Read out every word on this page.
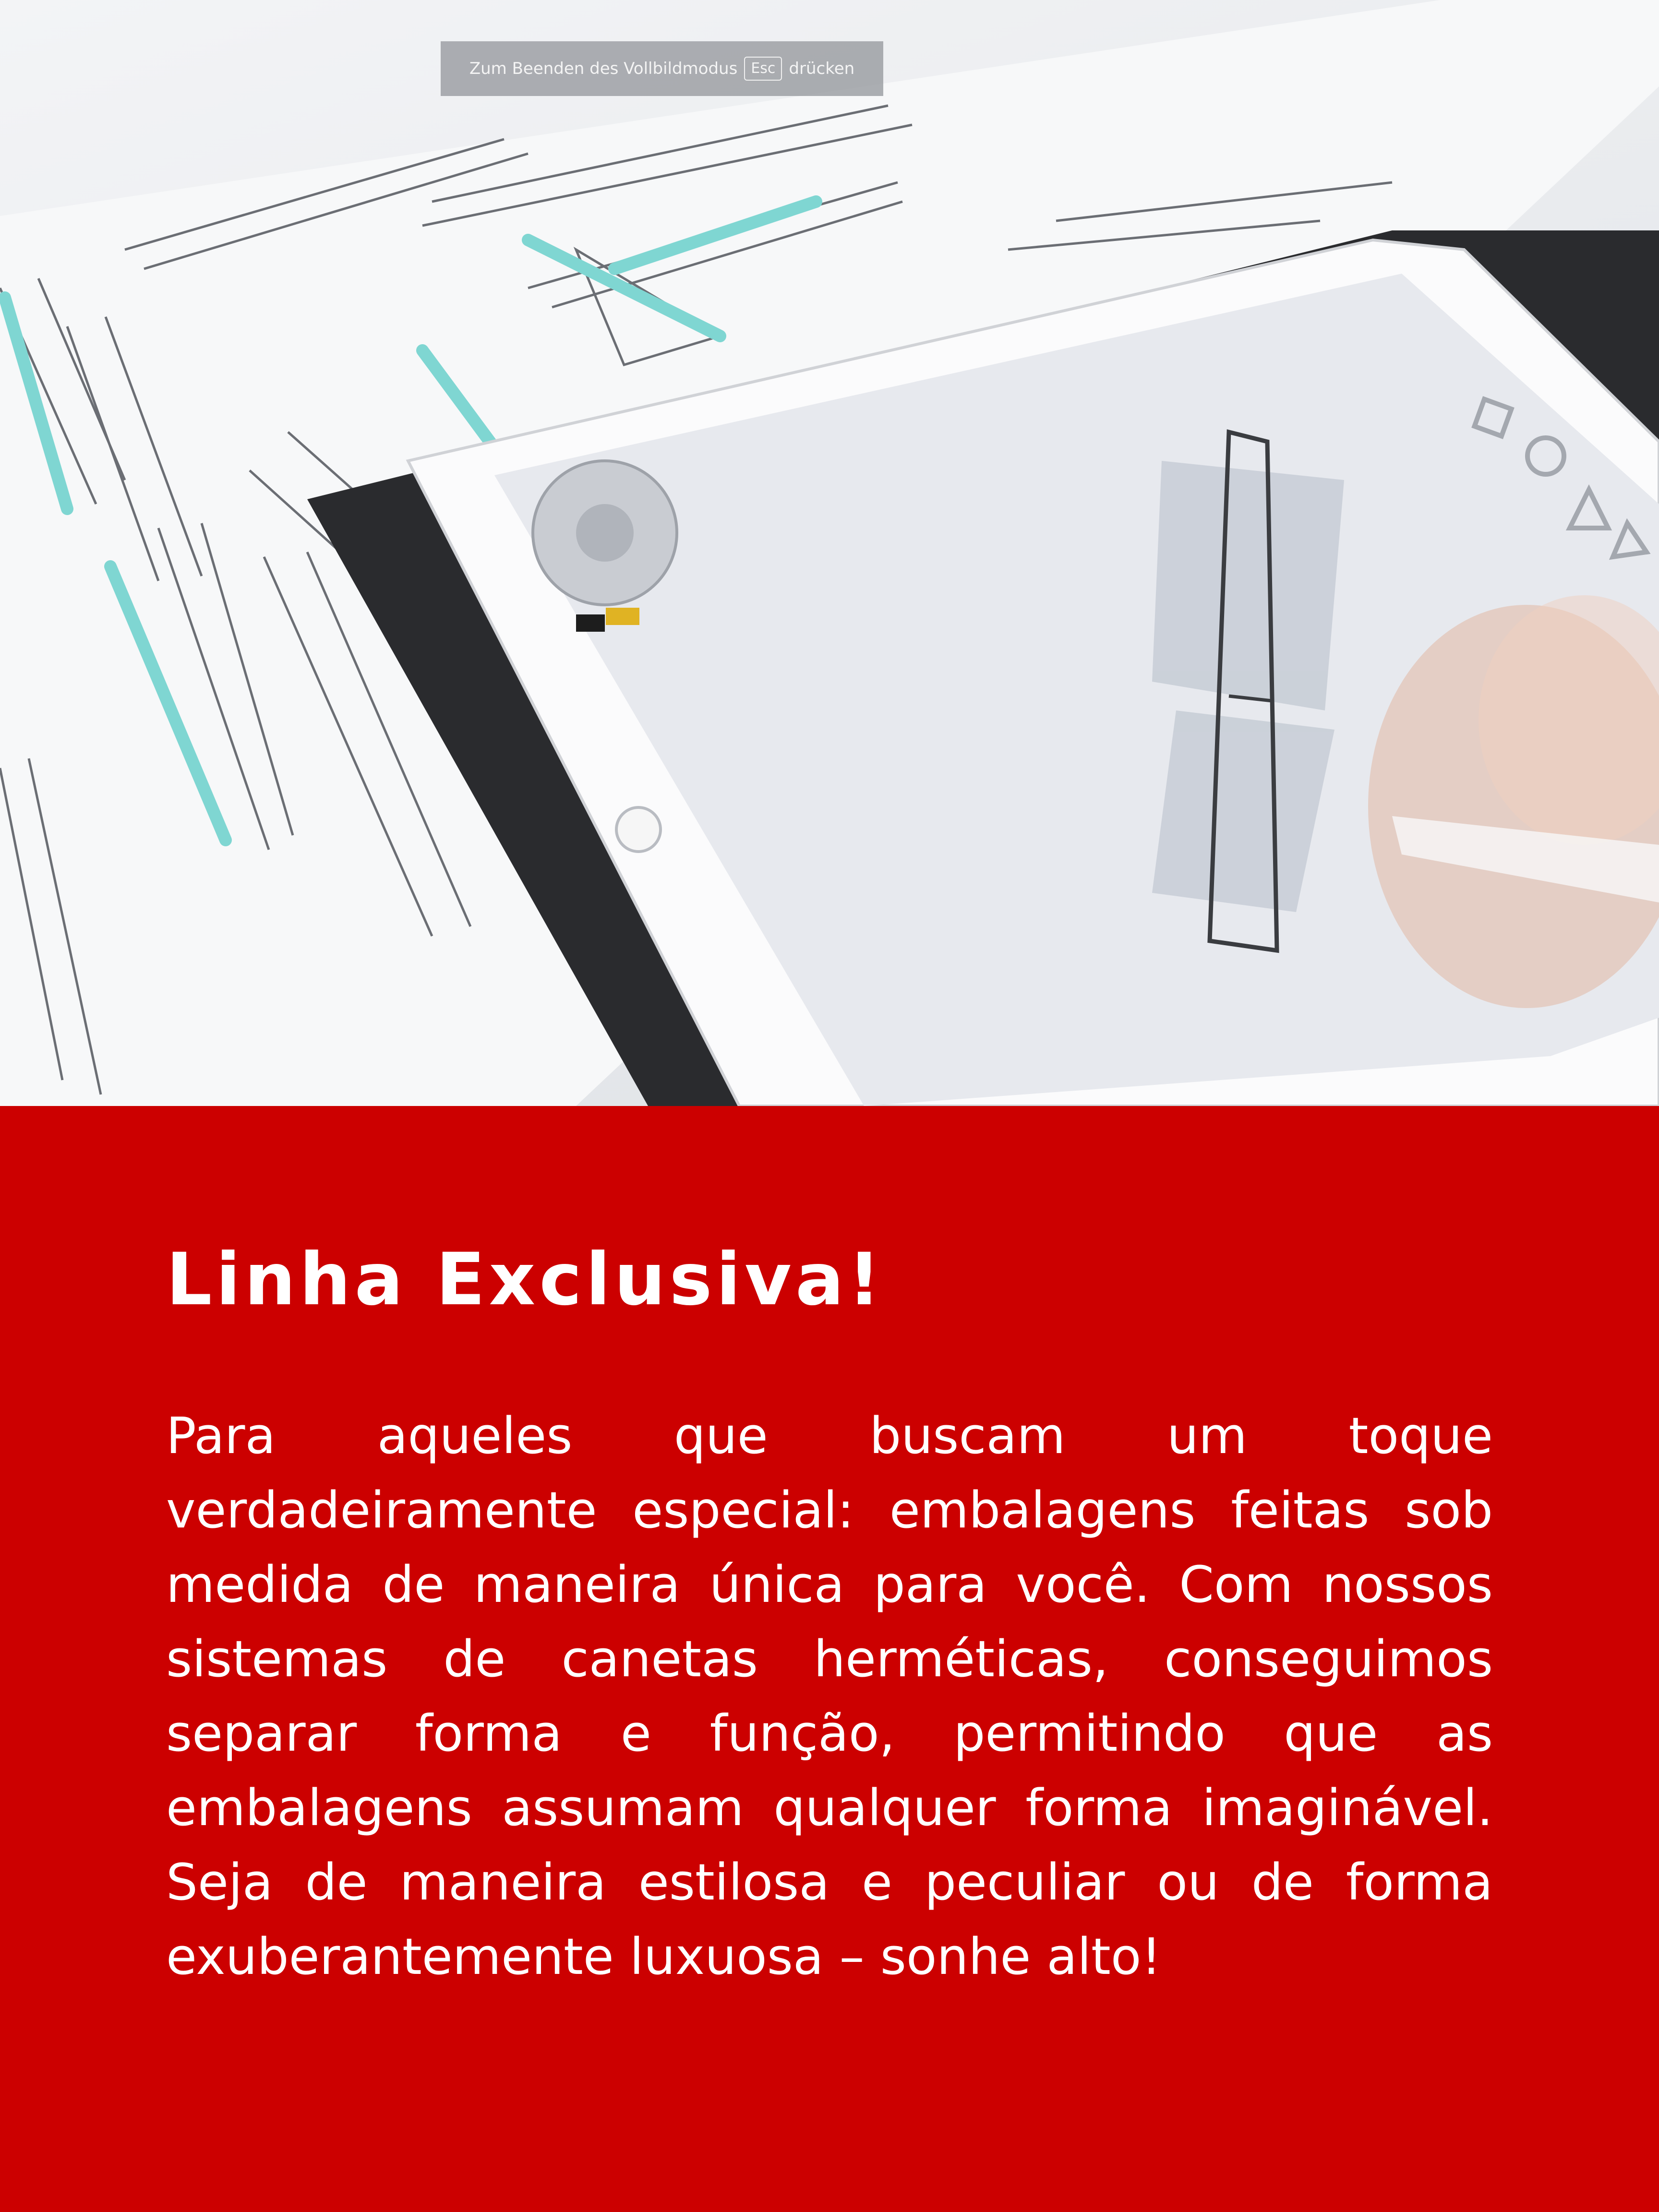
Zum Beenden des Vollbildmodus Esc drücken
Linha Exclusiva!

Para aqueles que buscam um toque verdadeiramente especial: embalagens feitas sob medida de maneira única para você. Com nossos sistemas de canetas herméticas, conseguimos separar forma e função, permitindo que as embalagens assumam qualquer forma imaginável. Seja de maneira estilosa e peculiar ou de forma exuberantemente luxuosa – sonhe alto!
